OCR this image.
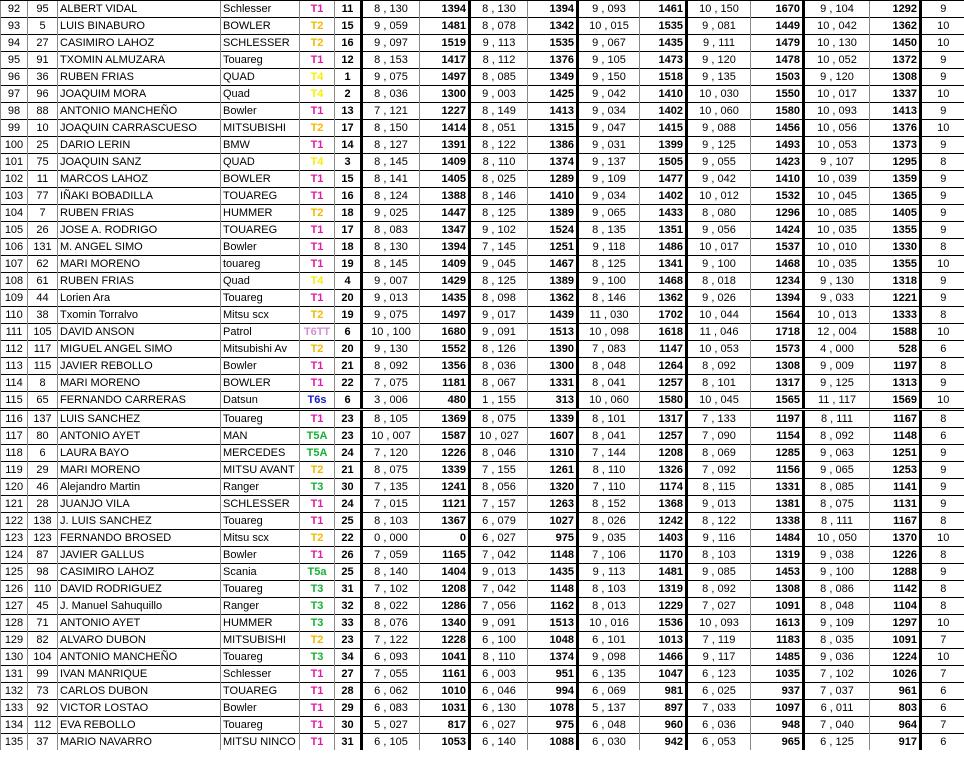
92	95	ALBERT VIDAL	Schlesser	T1	11	8 , 130	1394	8 , 130	1394	9 , 093	1461	10 , 150	1670	9 , 104	1292	9
93	5	LUIS BINABURO	BOWLER	T2	15	9 , 059	1481	8 , 078	1342	10 , 015	1535	9 , 081	1449	10 , 042	1362	10
94	27	CASIMIRO LAHOZ	SCHLESSER	T2	16	9 , 097	1519	9 , 113	1535	9 , 067	1435	9 , 111	1479	10 , 130	1450	10
95	91	TXOMIN ALMUZARA	Touareg	T1	12	8 , 153	1417	8 , 112	1376	9 , 105	1473	9 , 120	1478	10 , 052	1372	9
96	36	RUBEN FRIAS	QUAD	T4	1	9 , 075	1497	8 , 085	1349	9 , 150	1518	9 , 135	1503	9 , 120	1308	9
97	96	JOAQUIM MORA	Quad	T4	2	8 , 036	1300	9 , 003	1425	9 , 042	1410	10 , 030	1550	10 , 017	1337	10
98	88	ANTONIO MANCHEÑO	Bowler	T1	13	7 , 121	1227	8 , 149	1413	9 , 034	1402	10 , 060	1580	10 , 093	1413	9
99	10	JOAQUIN CARRASCUESO	MITSUBISHI	T2	17	8 , 150	1414	8 , 051	1315	9 , 047	1415	9 , 088	1456	10 , 056	1376	10
100	25	DARIO LERIN	BMW	T1	14	8 , 127	1391	8 , 122	1386	9 , 031	1399	9 , 125	1493	10 , 053	1373	9
101	75	JOAQUIN SANZ	QUAD	T4	3	8 , 145	1409	8 , 110	1374	9 , 137	1505	9 , 055	1423	9 , 107	1295	8
102	11	MARCOS LAHOZ	BOWLER	T1	15	8 , 141	1405	8 , 025	1289	9 , 109	1477	9 , 042	1410	10 , 039	1359	9
103	77	IÑAKI BOBADILLA	TOUAREG	T1	16	8 , 124	1388	8 , 146	1410	9 , 034	1402	10 , 012	1532	10 , 045	1365	9
104	7	RUBEN FRIAS	HUMMER	T2	18	9 , 025	1447	8 , 125	1389	9 , 065	1433	8 , 080	1296	10 , 085	1405	9
105	26	JOSE A. RODRIGO	TOUAREG	T1	17	8 , 083	1347	9 , 102	1524	8 , 135	1351	9 , 056	1424	10 , 035	1355	9
106	131	M. ANGEL SIMO	Bowler	T1	18	8 , 130	1394	7 , 145	1251	9 , 118	1486	10 , 017	1537	10 , 010	1330	8
107	62	MARI MORENO	touareg	T1	19	8 , 145	1409	9 , 045	1467	8 , 125	1341	9 , 100	1468	10 , 035	1355	10
108	61	RUBEN FRIAS	Quad	T4	4	9 , 007	1429	8 , 125	1389	9 , 100	1468	8 , 018	1234	9 , 130	1318	9
109	44	Lorien Ara	Touareg	T1	20	9 , 013	1435	8 , 098	1362	8 , 146	1362	9 , 026	1394	9 , 033	1221	9
110	38	Txomin Torralvo	Mitsu scx	T2	19	9 , 075	1497	9 , 017	1439	11 , 030	1702	10 , 044	1564	10 , 013	1333	8
111	105	DAVID ANSON	Patrol	T6TT	6	10 , 100	1680	9 , 091	1513	10 , 098	1618	11 , 046	1718	12 , 004	1588	10
112	117	MIGUEL ANGEL SIMO	Mitsubishi Av	T2	20	9 , 130	1552	8 , 126	1390	7 , 083	1147	10 , 053	1573	4 , 000	528	6
113	115	JAVIER REBOLLO	Bowler	T1	21	8 , 092	1356	8 , 036	1300	8 , 048	1264	8 , 092	1308	9 , 009	1197	8
114	8	MARI MORENO	BOWLER	T1	22	7 , 075	1181	8 , 067	1331	8 , 041	1257	8 , 101	1317	9 , 125	1313	9
115	65	FERNANDO CARRERAS	Datsun	T6s	6	3 , 006	480	1 , 155	313	10 , 060	1580	10 , 045	1565	11 , 117	1569	10
116	137	LUIS SANCHEZ	Touareg	T1	23	8 , 105	1369	8 , 075	1339	8 , 101	1317	7 , 133	1197	8 , 111	1167	8
117	80	ANTONIO AYET	MAN	T5A	23	10 , 007	1587	10 , 027	1607	8 , 041	1257	7 , 090	1154	8 , 092	1148	6
118	6	LAURA BAYO	MERCEDES	T5A	24	7 , 120	1226	8 , 046	1310	7 , 144	1208	8 , 069	1285	9 , 063	1251	9
119	29	MARI MORENO	MITSU AVANT	T2	21	8 , 075	1339	7 , 155	1261	8 , 110	1326	7 , 092	1156	9 , 065	1253	9
120	46	Alejandro Martin	Ranger	T3	30	7 , 135	1241	8 , 056	1320	7 , 110	1174	8 , 115	1331	8 , 085	1141	9
121	28	JUANJO VILA	SCHLESSER	T1	24	7 , 015	1121	7 , 157	1263	8 , 152	1368	9 , 013	1381	8 , 075	1131	9
122	138	J. LUIS SANCHEZ	Touareg	T1	25	8 , 103	1367	6 , 079	1027	8 , 026	1242	8 , 122	1338	8 , 111	1167	8
123	123	FERNANDO BROSED	Mitsu scx	T2	22	0 , 000	0	6 , 027	975	9 , 035	1403	9 , 116	1484	10 , 050	1370	10
124	87	JAVIER GALLUS	Bowler	T1	26	7 , 059	1165	7 , 042	1148	7 , 106	1170	8 , 103	1319	9 , 038	1226	8
125	98	CASIMIRO LAHOZ	Scania	T5a	25	8 , 140	1404	9 , 013	1435	9 , 113	1481	9 , 085	1453	9 , 100	1288	9
126	110	DAVID RODRIGUEZ	Touareg	T3	31	7 , 102	1208	7 , 042	1148	8 , 103	1319	8 , 092	1308	8 , 086	1142	8
127	45	J. Manuel Sahuquillo	Ranger	T3	32	8 , 022	1286	7 , 056	1162	8 , 013	1229	7 , 027	1091	8 , 048	1104	8
128	71	ANTONIO AYET	HUMMER	T3	33	8 , 076	1340	9 , 091	1513	10 , 016	1536	10 , 093	1613	9 , 109	1297	10
129	82	ALVARO DUBON	MITSUBISHI	T2	23	7 , 122	1228	6 , 100	1048	6 , 101	1013	7 , 119	1183	8 , 035	1091	7
130	104	ANTONIO MANCHEÑO	Touareg	T3	34	6 , 093	1041	8 , 110	1374	9 , 098	1466	9 , 117	1485	9 , 036	1224	10
131	99	IVAN MANRIQUE	Schlesser	T1	27	7 , 055	1161	6 , 003	951	6 , 135	1047	6 , 123	1035	7 , 102	1026	7
132	73	CARLOS DUBON	TOUAREG	T1	28	6 , 062	1010	6 , 046	994	6 , 069	981	6 , 025	937	7 , 037	961	6
133	92	VICTOR LOSTAO	Bowler	T1	29	6 , 083	1031	6 , 130	1078	5 , 137	897	7 , 033	1097	6 , 011	803	6
134	112	EVA REBOLLO	Touareg	T1	30	5 , 027	817	6 , 027	975	6 , 048	960	6 , 036	948	7 , 040	964	7
135	37	MARIO NAVARRO	MITSU NINCO	T1	31	6 , 105	1053	6 , 140	1088	6 , 030	942	6 , 053	965	6 , 125	917	6
